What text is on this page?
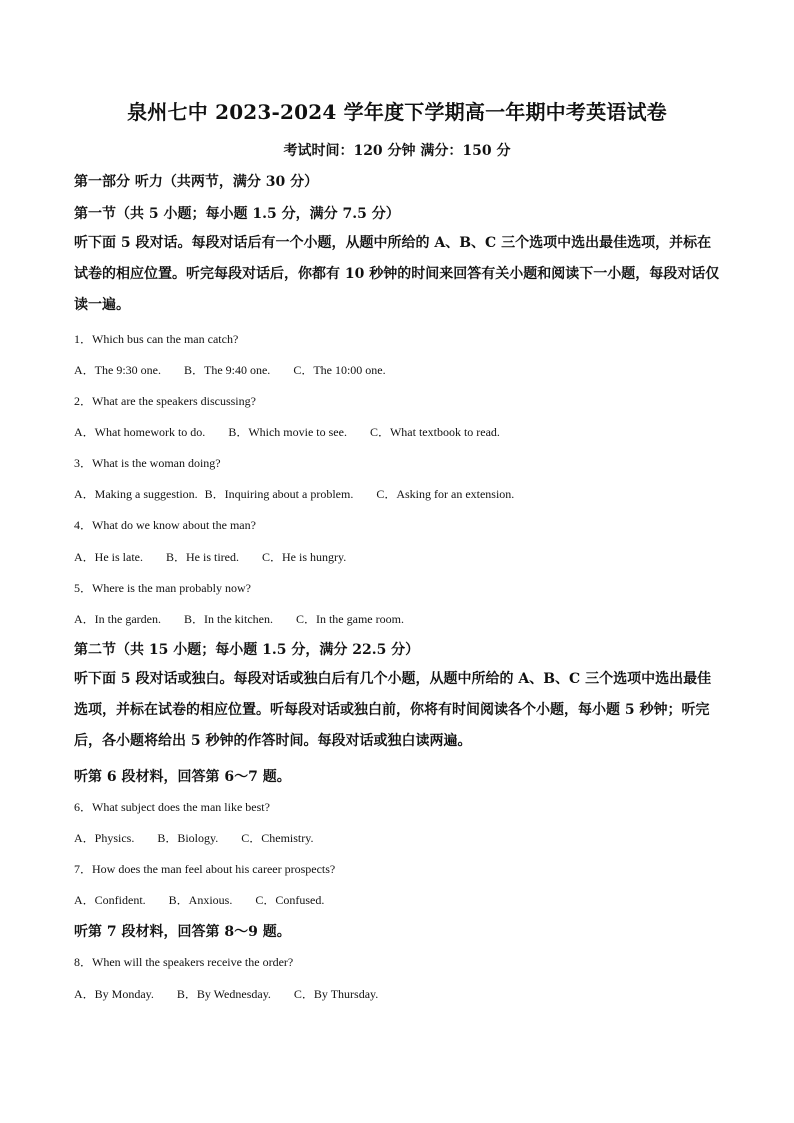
泉州七中 2023-2024 学年度下学期高一年期中考英语试卷
考试时间：120 分钟 满分：150 分
第一部分 听力（共两节，满分 30 分）
第一节（共 5 小题；每小题 1.5 分，满分 7.5 分）
听下面 5 段对话。每段对话后有一个小题，从题中所给的 A、B、C 三个选项中选出最佳选项，并标在试卷的相应位置。听完每段对话后，你都有 10 秒钟的时间来回答有关小题和阅读下一小题，每段对话仅读一遍。
1．Which bus can the man catch?
A．The 9:30 one. B．The 9:40 one. C．The 10:00 one.
2．What are the speakers discussing?
A．What homework to do. B．Which movie to see. C．What textbook to read.
3．What is the woman doing?
A．Making a suggestion. B．Inquiring about a problem. C．Asking for an extension.
4．What do we know about the man?
A．He is late. B．He is tired. C．He is hungry.
5．Where is the man probably now?
A．In the garden. B．In the kitchen. C．In the game room.
第二节（共 15 小题；每小题 1.5 分，满分 22.5 分）
听下面 5 段对话或独白。每段对话或独白后有几个小题，从题中所给的 A、B、C 三个选项中选出最佳选项，并标在试卷的相应位置。听每段对话或独白前，你将有时间阅读各个小题，每小题 5 秒钟；听完后，各小题将给出 5 秒钟的作答时间。每段对话或独白读两遍。
听第 6 段材料，回答第 6～7 题。
6．What subject does the man like best?
A．Physics. B．Biology. C．Chemistry.
7．How does the man feel about his career prospects?
A．Confident. B．Anxious. C．Confused.
听第 7 段材料，回答第 8～9 题。
8．When will the speakers receive the order?
A．By Monday. B．By Wednesday. C．By Thursday.
